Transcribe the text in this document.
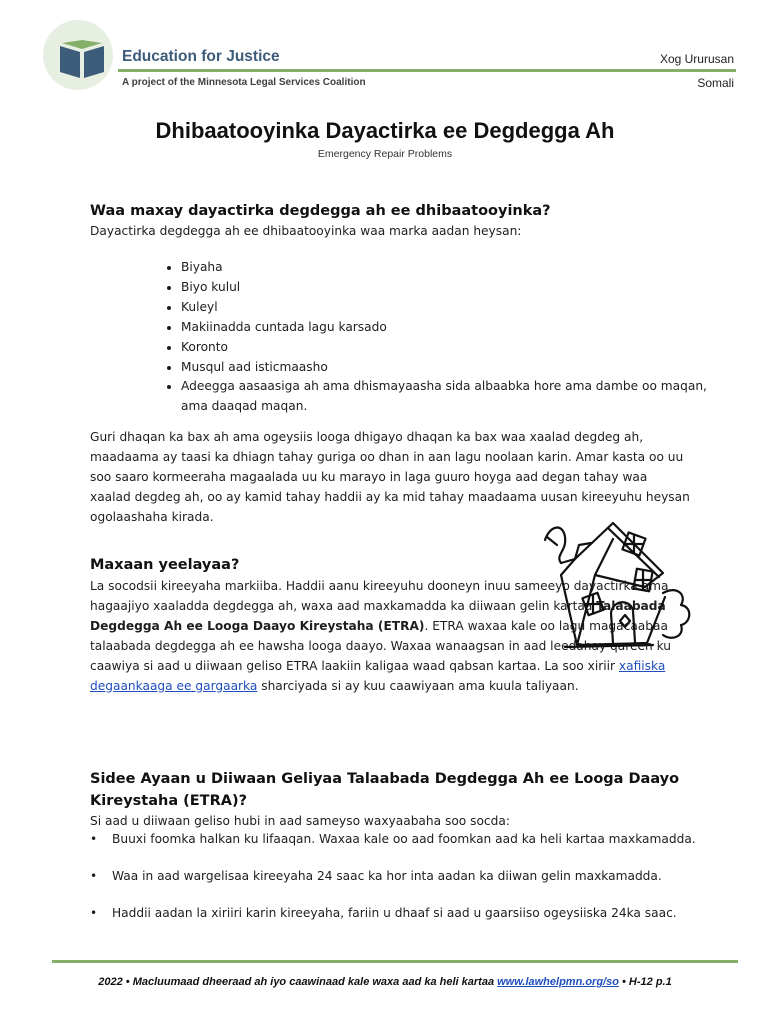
Education for Justice
A project of the Minnesota Legal Services Coalition
Xog Ururusan
Somali
Dhibaatooyinka Dayactirka ee Degdegga Ah
Emergency Repair Problems
Waa maxay dayactirka degdegga ah ee dhibaatooyinka?
Dayactirka degdegga ah ee dhibaatooyinka waa marka aadan heysan:
• Biyaha
• Biyo kulul
• Kuleyl
• Makiinadda cuntada lagu karsado
• Koronto
• Musqul aad isticmaasho
• Adeegga aasaasiga ah ama dhismayaasha sida albaabka hore ama dambe oo maqan, ama daaqad maqan.
Guri dhaqan ka bax ah ama ogeysiis looga dhigayo dhaqan ka bax waa xaalad degdeg ah, maadaama ay taasi ka dhiagn tahay guriga oo dhan in aan lagu noolaan karin. Amar kasta oo uu soo saaro kormeeraha magaalada uu ku marayo in laga guuro hoyga aad degan tahay waa xaalad degdeg ah, oo ay kamid tahay haddii ay ka mid tahay maadaama uusan kireeyuhu heysan ogolaashaha kirada.
Maxaan yeelayaa?
La socodsii kireeyaha markiiba. Haddii aanu kireeyuhu dooneyn inuu sameeyo dayactirka ama hagaajiyo xaaladda degdegga ah, waxa aad maxkamadda ka diiwaan gelin kartaa Talaabada Degdegga Ah ee Looga Daayo Kireystaha (ETRA). ETRA waxaa kale oo lagu magacaabaa talaabada degdegga ah ee hawsha looga daayo. Waxaa wanaagsan in aad leedahay qareen ku caawiya si aad u diiwaan geliso ETRA laakiin kaligaa waad qabsan kartaa. La soo xiriir xafiiska degaankaaga ee gargaarka sharciyada si ay kuu caawiyaan ama kuula taliyaan.
Sidee Ayaan u Diiwaan Geliyaa Talaabada Degdegga Ah ee Looga Daayo Kireystaha (ETRA)?
Si aad u diiwaan geliso hubi in aad sameyso waxyaabaha soo socda:
• Buuxi foomka halkan ku lifaaqan. Waxaa kale oo aad foomkan aad ka heli kartaa maxkamadda.
• Waa in aad wargelisaa kireeyaha 24 saac ka hor inta aadan ka diiwan gelin maxkamadda.
• Haddii aadan la xiriiri karin kireeyaha, fariin u dhaaf si aad u gaarsiiso ogeysiiska 24ka saac.
2022 • Macluumaad dheeraad ah iyo caawinaad kale waxa aad ka heli kartaa www.lawhelpmn.org/so • H-12 p.1
